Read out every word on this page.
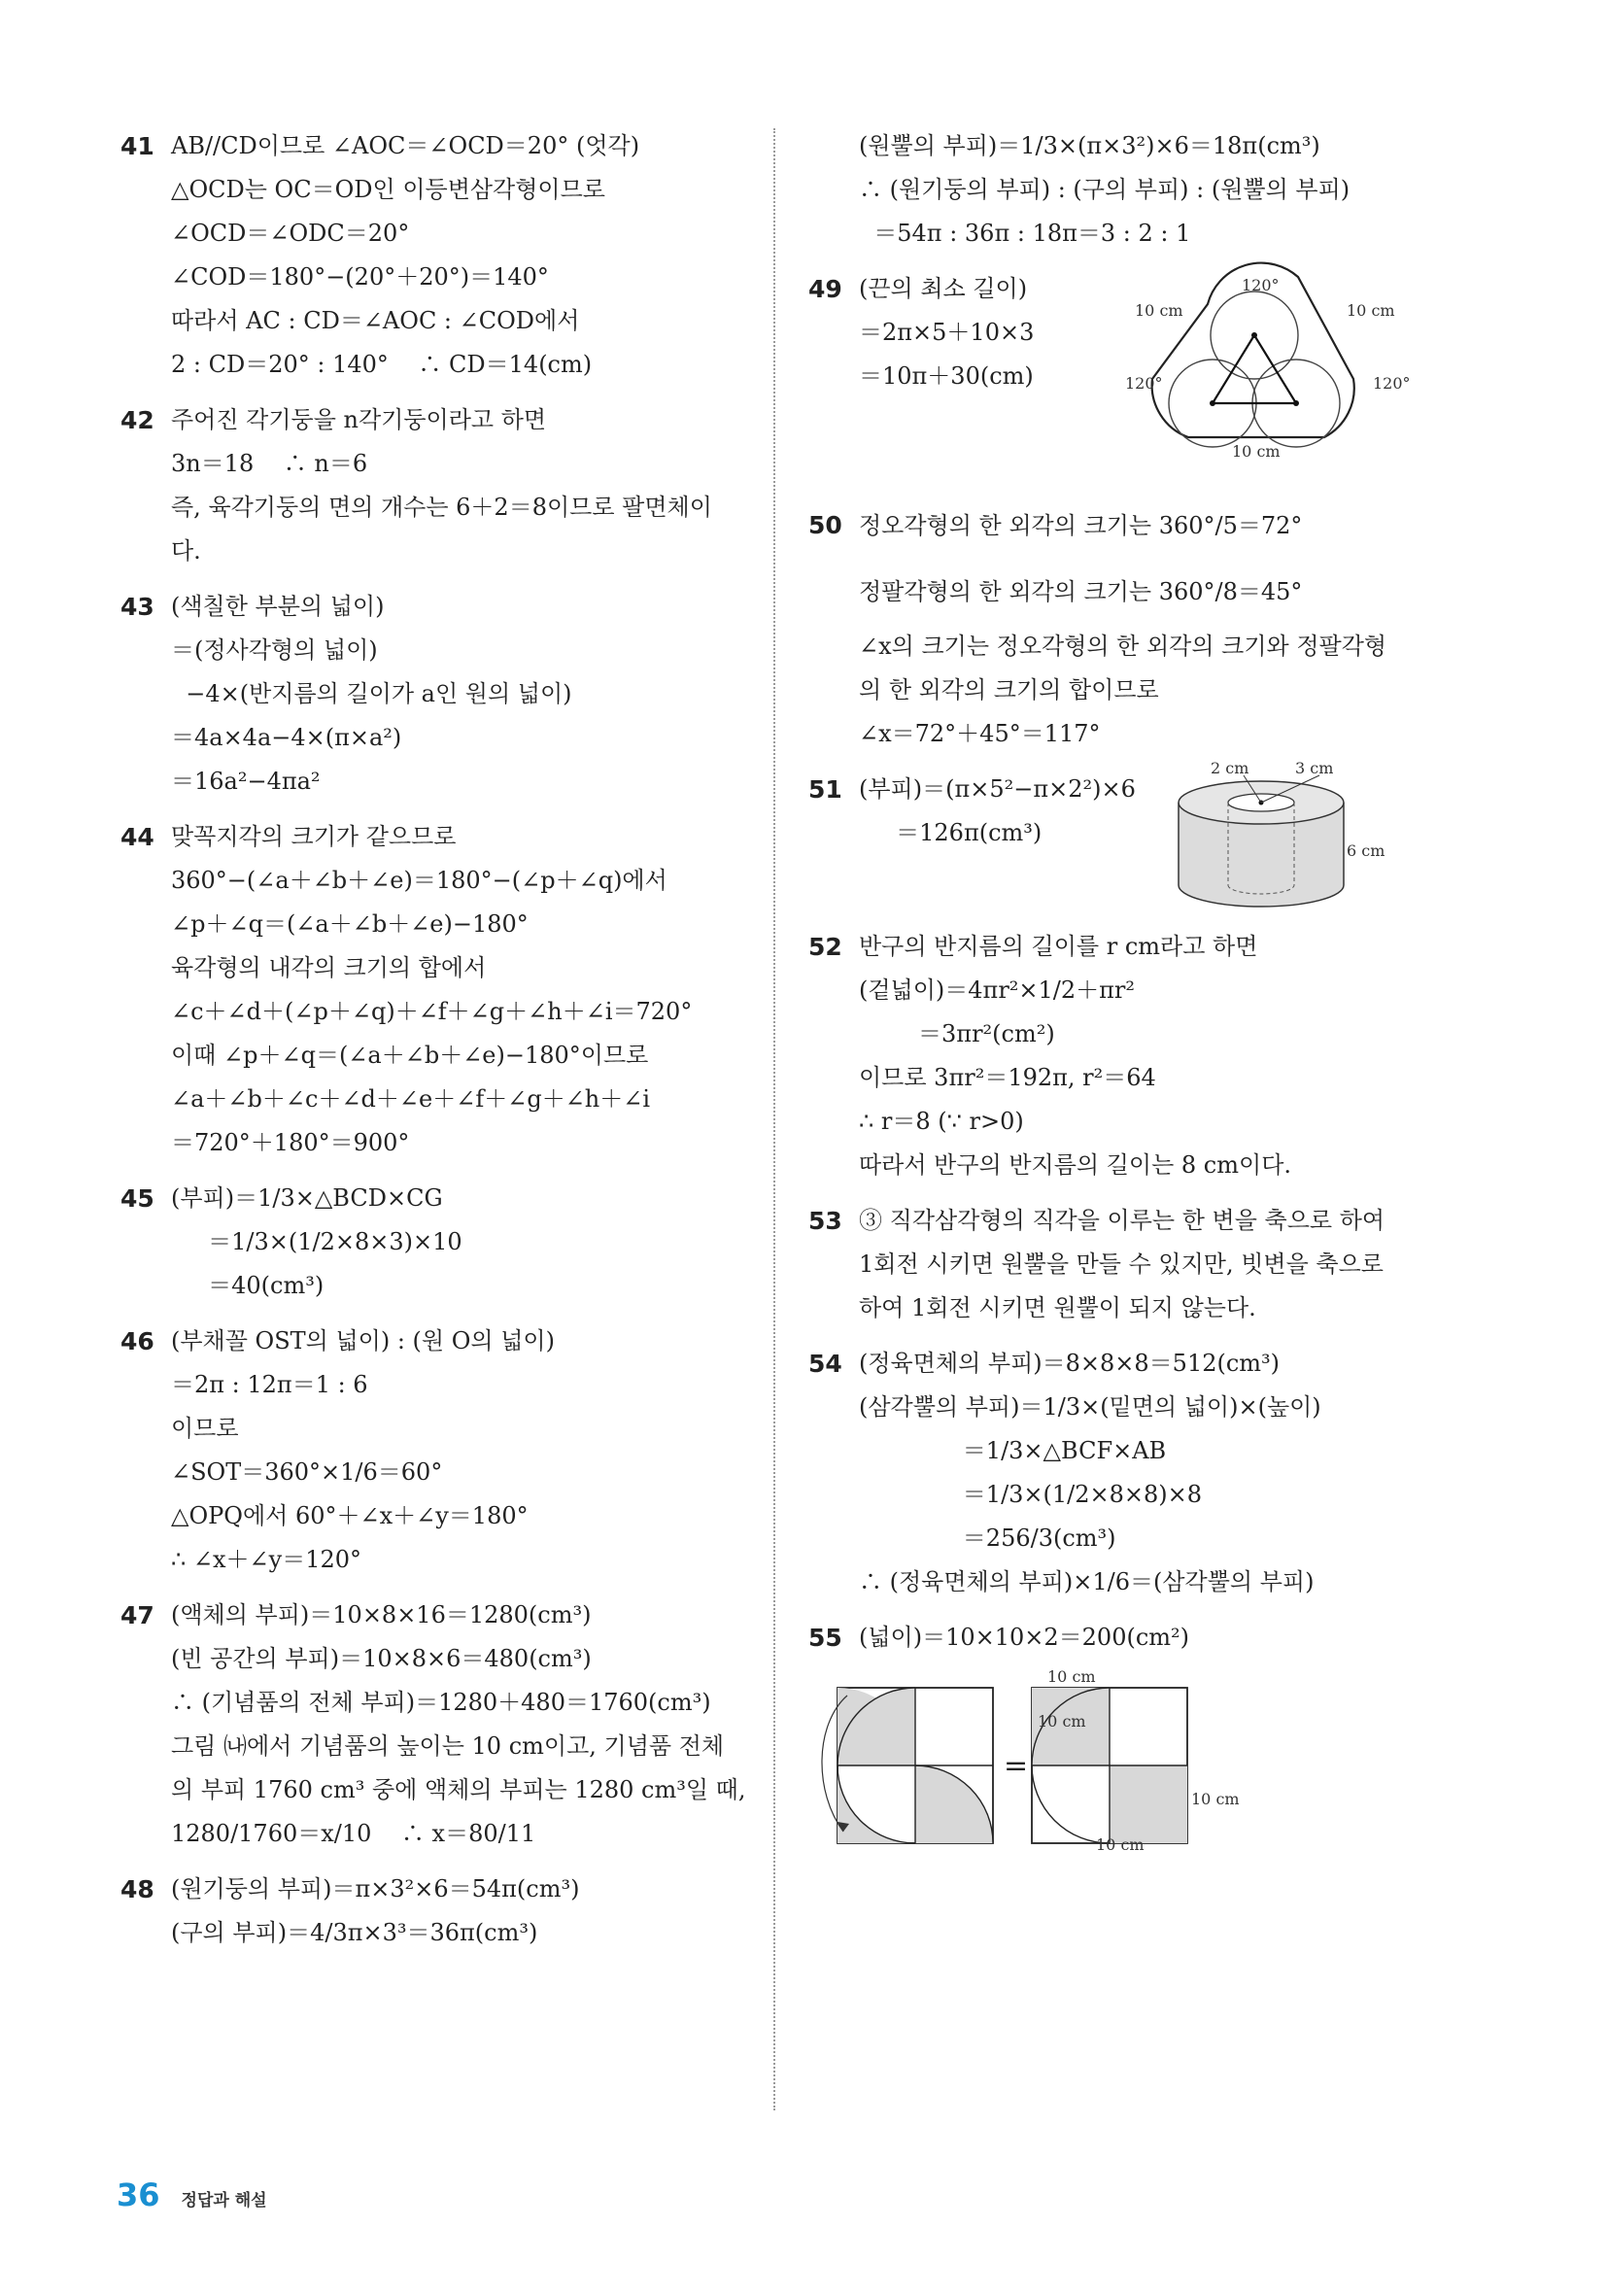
41 AB//CD이므로 ∠AOC＝∠OCD＝20° (엇각)
△OCD는 OC＝OD인 이등변삼각형이므로
∠OCD＝∠ODC＝20°
∠COD＝180°−(20°＋20°)＝140°
따라서 AC : CD＝∠AOC : ∠COD에서
2 : CD＝20° : 140°    ∴ CD＝14(cm)
42 주어진 각기둥을 n각기둥이라고 하면
3n＝18    ∴ n＝6
즉, 육각기둥의 면의 개수는 6＋2＝8이므로 팔면체이
다.
43 (색칠한 부분의 넓이)
＝(정사각형의 넓이)
−4×(반지름의 길이가 a인 원의 넓이)
＝4a×4a−4×(π×a²)
＝16a²−4πa²
44 맞꼭지각의 크기가 같으므로
360°−(∠a＋∠b＋∠e)＝180°−(∠p＋∠q)에서
∠p＋∠q＝(∠a＋∠b＋∠e)−180°
육각형의 내각의 크기의 합에서
∠c＋∠d＋(∠p＋∠q)＋∠f＋∠g＋∠h＋∠i＝720°
이때 ∠p＋∠q＝(∠a＋∠b＋∠e)−180°이므로
∠a＋∠b＋∠c＋∠d＋∠e＋∠f＋∠g＋∠h＋∠i
＝720°＋180°＝900°
45 (부피)＝1/3×△BCD×CG
＝1/3×(1/2×8×3)×10
＝40(cm³)
46 (부채꼴 OST의 넓이) : (원 O의 넓이)
＝2π : 12π＝1 : 6
이므로
∠SOT＝360°×1/6＝60°
△OPQ에서 60°＋∠x＋∠y＝180°
∴ ∠x＋∠y＝120°
47 (액체의 부피)＝10×8×16＝1280(cm³)
(빈 공간의 부피)＝10×8×6＝480(cm³)
∴ (기념품의 전체 부피)＝1280＋480＝1760(cm³)
그림 ㈏에서 기념품의 높이는 10 cm이고, 기념품 전체
의 부피 1760 cm³ 중에 액체의 부피는 1280 cm³일 때,
1280/1760＝x/10    ∴ x＝80/11
48 (원기둥의 부피)＝π×3²×6＝54π(cm³)
(구의 부피)＝4/3π×3³＝36π(cm³)
(원뿔의 부피)＝1/3×(π×3²)×6＝18π(cm³)
∴ (원기둥의 부피) : (구의 부피) : (원뿔의 부피)
＝54π : 36π : 18π＝3 : 2 : 1
49 (끈의 최소 길이)
＝2π×5＋10×3
＝10π＋30(cm)
120°
120°	120°
10 cm	10 cm
10 cm
50 정오각형의 한 외각의 크기는 360°/5＝72°
정팔각형의 한 외각의 크기는 360°/8＝45°
∠x의 크기는 정오각형의 한 외각의 크기와 정팔각형
의 한 외각의 크기의 합이므로
∠x＝72°＋45°＝117°
51 (부피)＝(π×5²−π×2²)×6
＝126π(cm³)
2 cm	3 cm
6 cm
52 반구의 반지름의 길이를 r cm라고 하면
(겉넓이)＝4πr²×1/2＋πr²
＝3πr²(cm²)
이므로 3πr²＝192π, r²＝64
∴ r＝8 (∵ r>0)
따라서 반구의 반지름의 길이는 8 cm이다.
53 ③ 직각삼각형의 직각을 이루는 한 변을 축으로 하여
1회전 시키면 원뿔을 만들 수 있지만, 빗변을 축으로
하여 1회전 시키면 원뿔이 되지 않는다.
54 (정육면체의 부피)＝8×8×8＝512(cm³)
(삼각뿔의 부피)＝1/3×(밑면의 넓이)×(높이)
＝1/3×△BCF×AB
＝1/3×(1/2×8×8)×8
＝256/3(cm³)
∴ (정육면체의 부피)×1/6＝(삼각뿔의 부피)
55 (넓이)＝10×10×2＝200(cm²)
=
10 cm
10 cm
10 cm
10 cm
36 정답과 해설
